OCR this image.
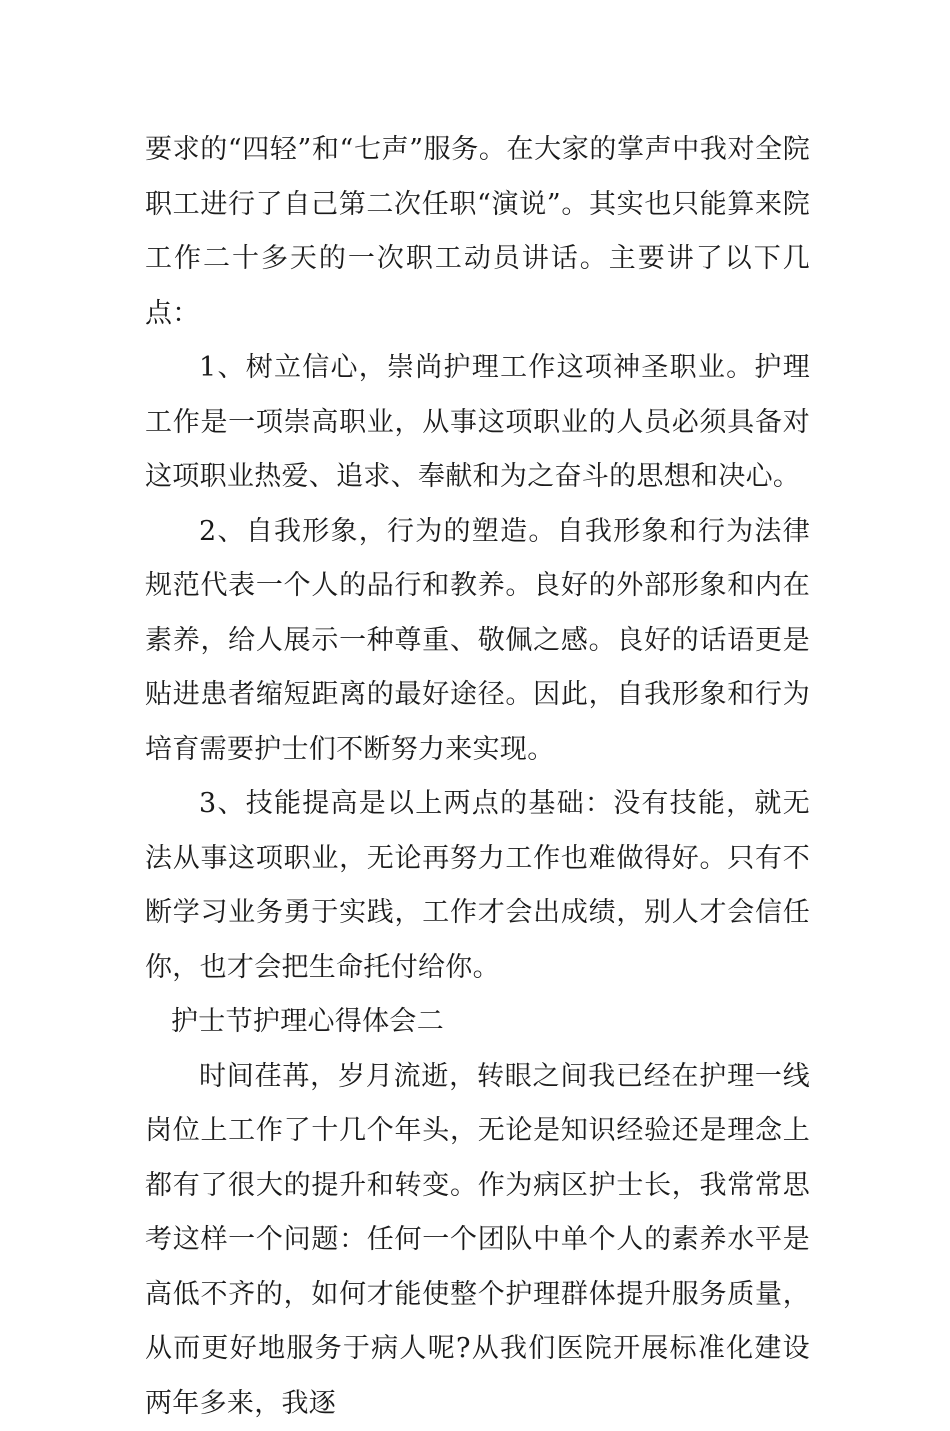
要求的“四轻”和“七声”服务。在大家的掌声中我对全院职工进行了自己第二次任职“演说”。其实也只能算来院工作二十多天的一次职工动员讲话。主要讲了以下几点：

1、树立信心，崇尚护理工作这项神圣职业。护理工作是一项崇高职业，从事这项职业的人员必须具备对这项职业热爱、追求、奉献和为之奋斗的思想和决心。

2、自我形象，行为的塑造。自我形象和行为法律规范代表一个人的品行和教养。良好的外部形象和内在素养，给人展示一种尊重、敬佩之感。良好的话语更是贴进患者缩短距离的最好途径。因此，自我形象和行为培育需要护士们不断努力来实现。

3、技能提高是以上两点的基础：没有技能，就无法从事这项职业，无论再努力工作也难做得好。只有不断学习业务勇于实践，工作才会出成绩，别人才会信任你，也才会把生命托付给你。

护士节护理心得体会二

时间荏苒，岁月流逝，转眼之间我已经在护理一线岗位上工作了十几个年头，无论是知识经验还是理念上都有了很大的提升和转变。作为病区护士长，我常常思考这样一个问题：任何一个团队中单个人的素养水平是高低不齐的，如何才能使整个护理群体提升服务质量，从而更好地服务于病人呢?从我们医院开展标准化建设两年多来，我逐
